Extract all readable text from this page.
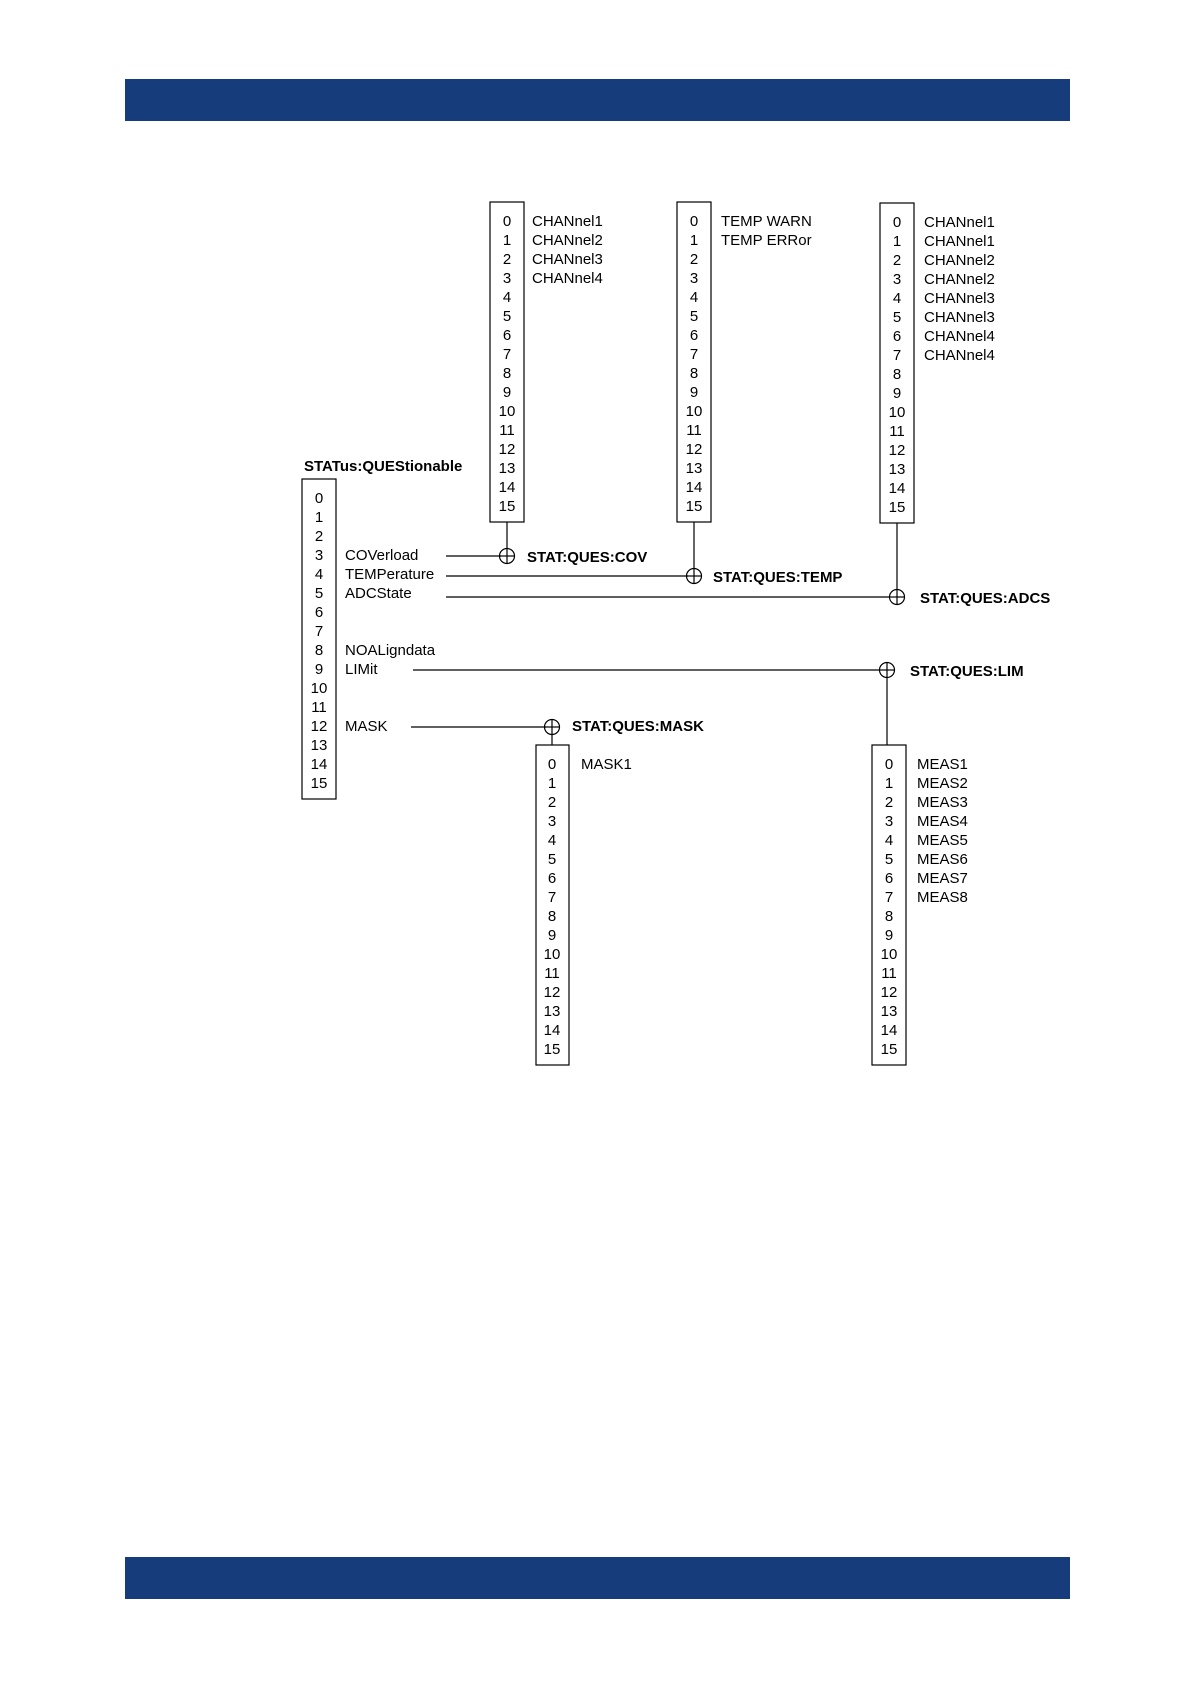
STATus:QUEStionable
STAT:QUES:COV
STAT:QUES:TEMP
STAT:QUES:ADCS
STAT:QUES:LIM
STAT:QUES:MASK
0
1
2
3
4
5
6
7
8
9
10
11
12
13
14
15
0
1
2
3
4
5
6
7
8
9
10
11
12
13
14
15
0
1
2
3
4
5
6
7
8
9
10
11
12
13
14
15
0
1
2
3
4
5
6
7
8
9
10
11
12
13
14
15
0
1
2
3
4
5
6
7
8
9
10
11
12
13
14
15
0
1
2
3
4
5
6
7
8
9
10
11
12
13
14
15
COVerload
TEMPerature
ADCState
NOALigndata
LIMit
MASK
CHANnel1
CHANnel2
CHANnel3
CHANnel4
TEMP WARN
TEMP ERRor
CHANnel1
CHANnel1
CHANnel2
CHANnel2
CHANnel3
CHANnel3
CHANnel4
CHANnel4
MASK1	MEAS1
MEAS2
MEAS3
MEAS4
MEAS5
MEAS6
MEAS7
MEAS8
